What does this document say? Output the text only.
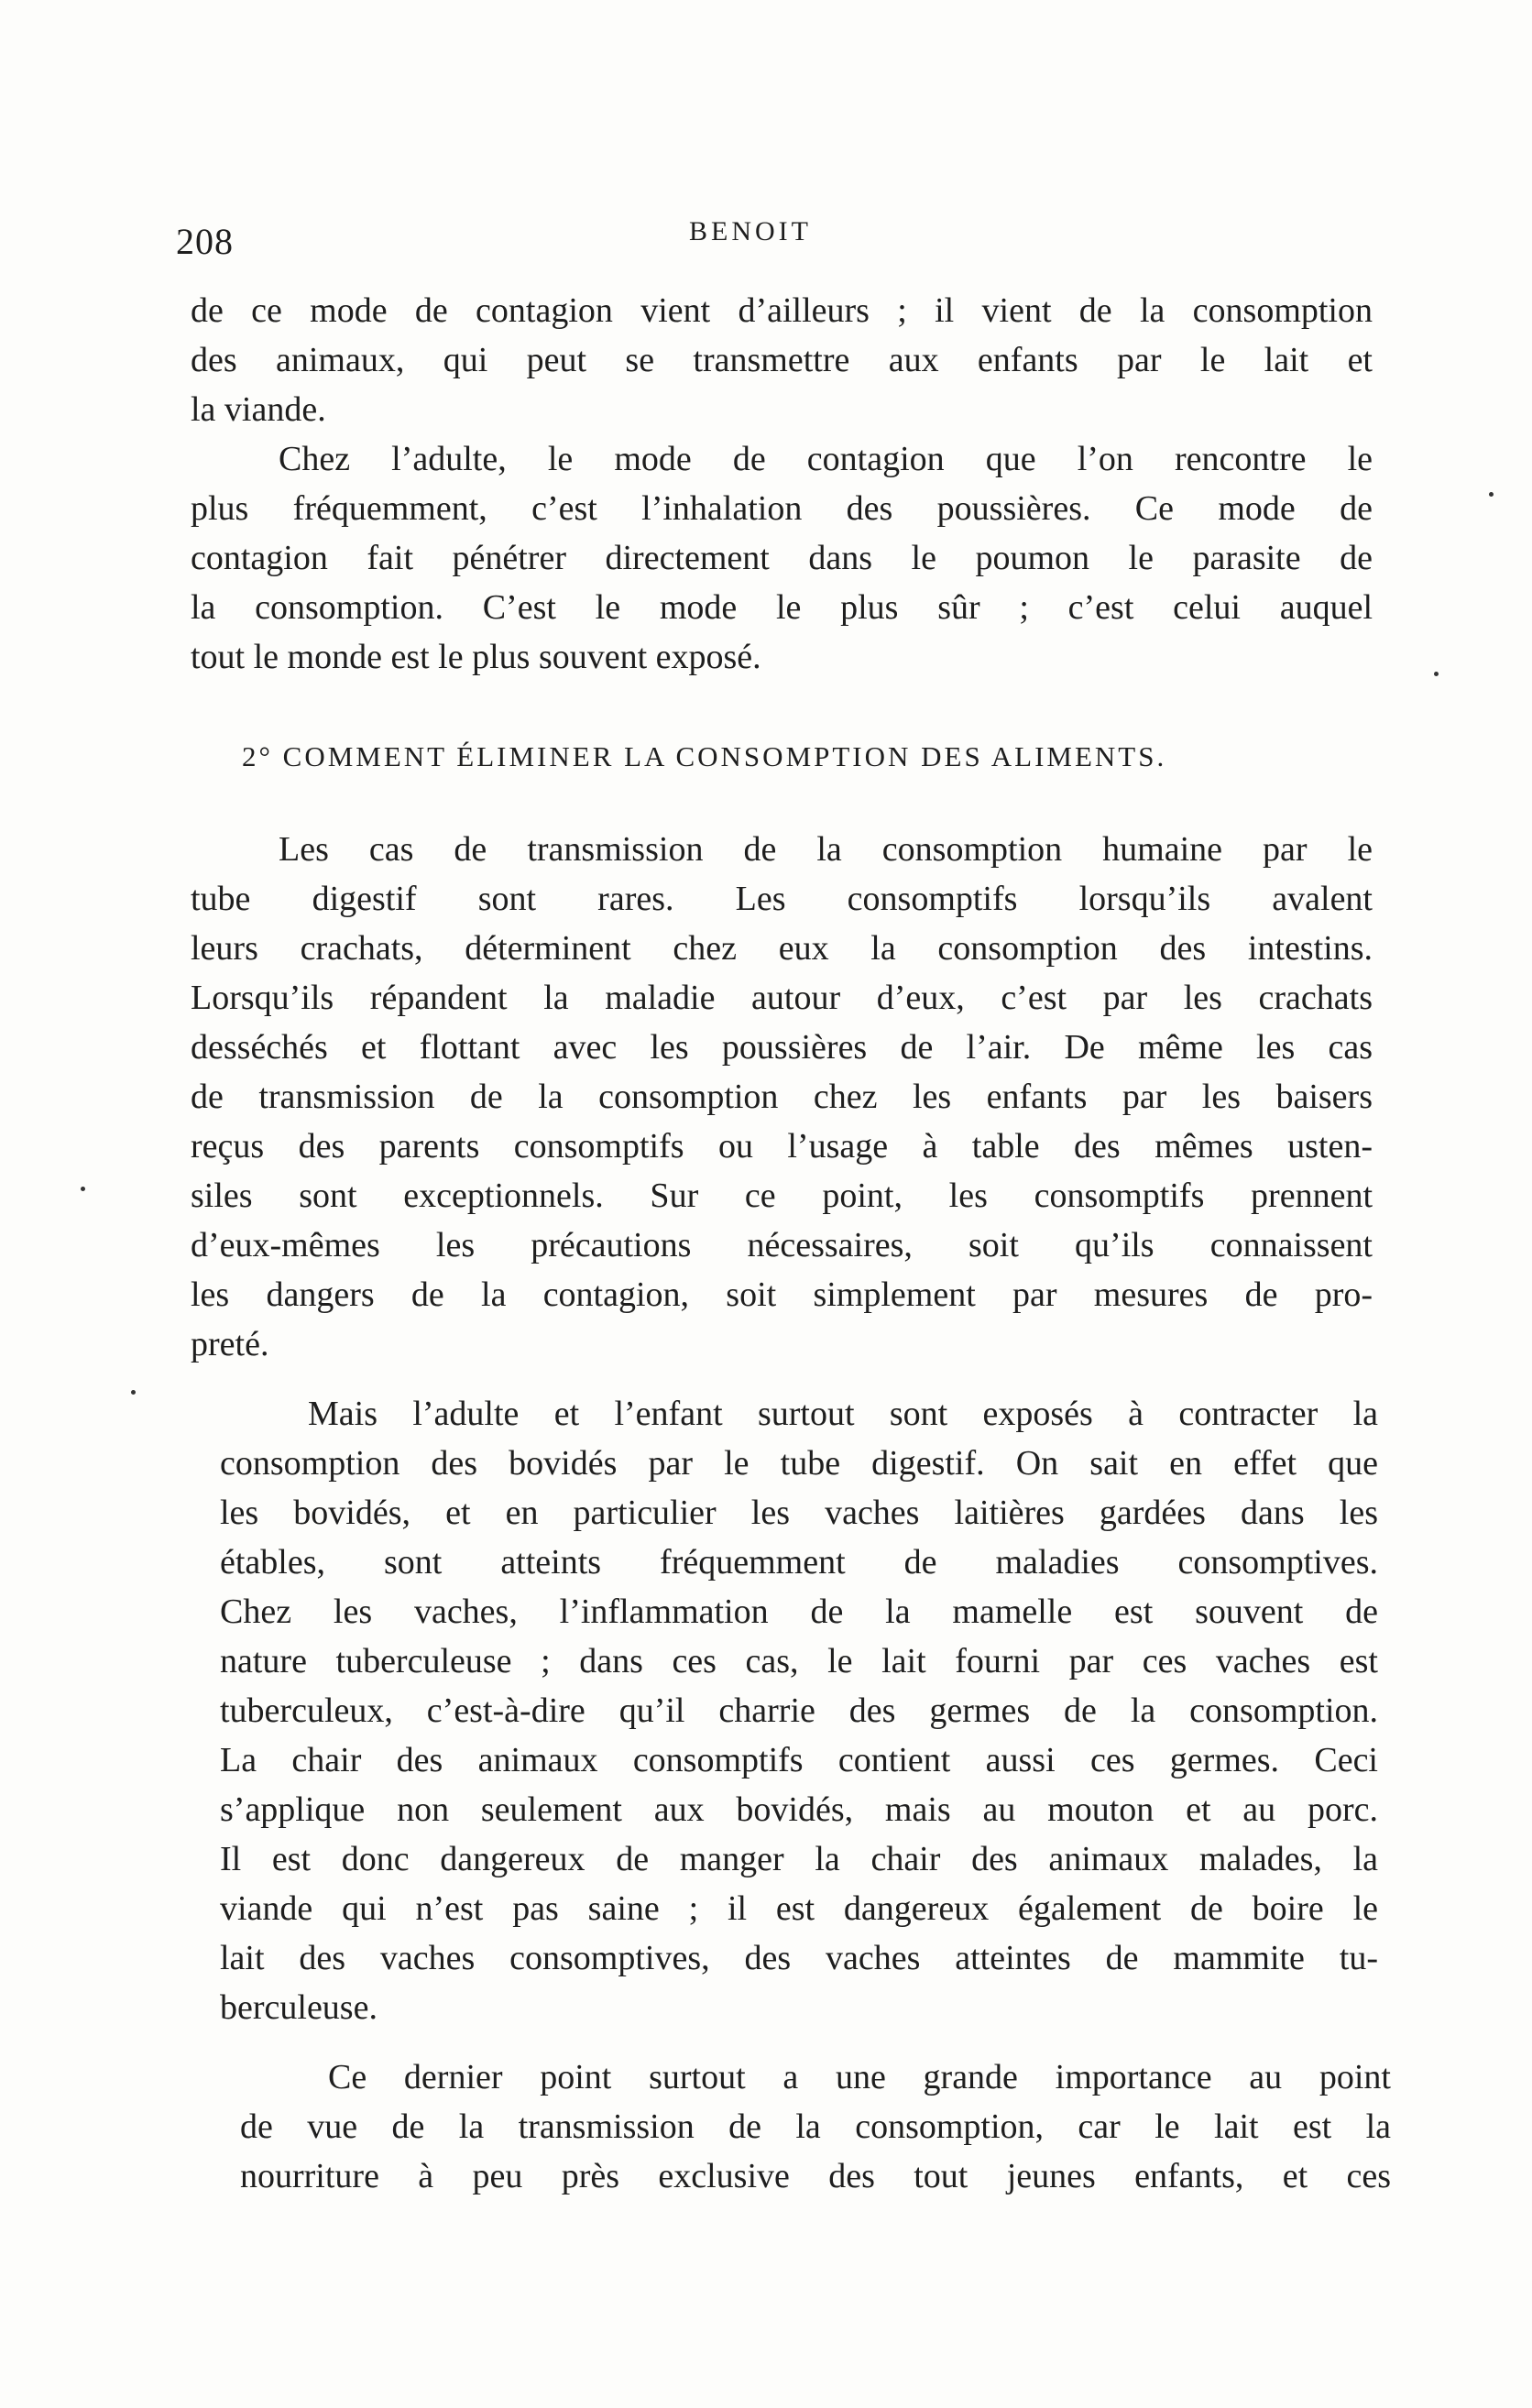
208	BENOIT
de ce mode de contagion vient d’ailleurs ; il vient de la consomption
des animaux, qui peut se transmettre aux enfants par le lait et
la viande.
Chez l’adulte, le mode de contagion que l’on rencontre le
plus fréquemment, c’est l’inhalation des poussières. Ce mode de
contagion fait pénétrer directement dans le poumon le parasite de
la consomption. C’est le mode le plus sûr ; c’est celui auquel
tout le monde est le plus souvent exposé.
2° COMMENT ÉLIMINER LA CONSOMPTION DES ALIMENTS.
Les cas de transmission de la consomption humaine par le
tube digestif sont rares. Les consomptifs lorsqu’ils avalent
leurs crachats, déterminent chez eux la consomption des intestins.
Lorsqu’ils répandent la maladie autour d’eux, c’est par les crachats
desséchés et flottant avec les poussières de l’air. De même les cas
de transmission de la consomption chez les enfants par les baisers
reçus des parents consomptifs ou l’usage à table des mêmes usten-
siles sont exceptionnels. Sur ce point, les consomptifs prennent
d’eux-mêmes les précautions nécessaires, soit qu’ils connaissent
les dangers de la contagion, soit simplement par mesures de pro-
preté.
Mais l’adulte et l’enfant surtout sont exposés à contracter la
consomption des bovidés par le tube digestif. On sait en effet que
les bovidés, et en particulier les vaches laitières gardées dans les
étables, sont atteints fréquemment de maladies consomptives.
Chez les vaches, l’inflammation de la mamelle est souvent de
nature tuberculeuse ; dans ces cas, le lait fourni par ces vaches est
tuberculeux, c’est-à-dire qu’il charrie des germes de la consomption.
La chair des animaux consomptifs contient aussi ces germes. Ceci
s’applique non seulement aux bovidés, mais au mouton et au porc.
Il est donc dangereux de manger la chair des animaux malades, la
viande qui n’est pas saine ; il est dangereux également de boire le
lait des vaches consomptives, des vaches atteintes de mammite tu-
berculeuse.
Ce dernier point surtout a une grande importance au point
de vue de la transmission de la consomption, car le lait est la
nourriture à peu près exclusive des tout jeunes enfants, et ces
